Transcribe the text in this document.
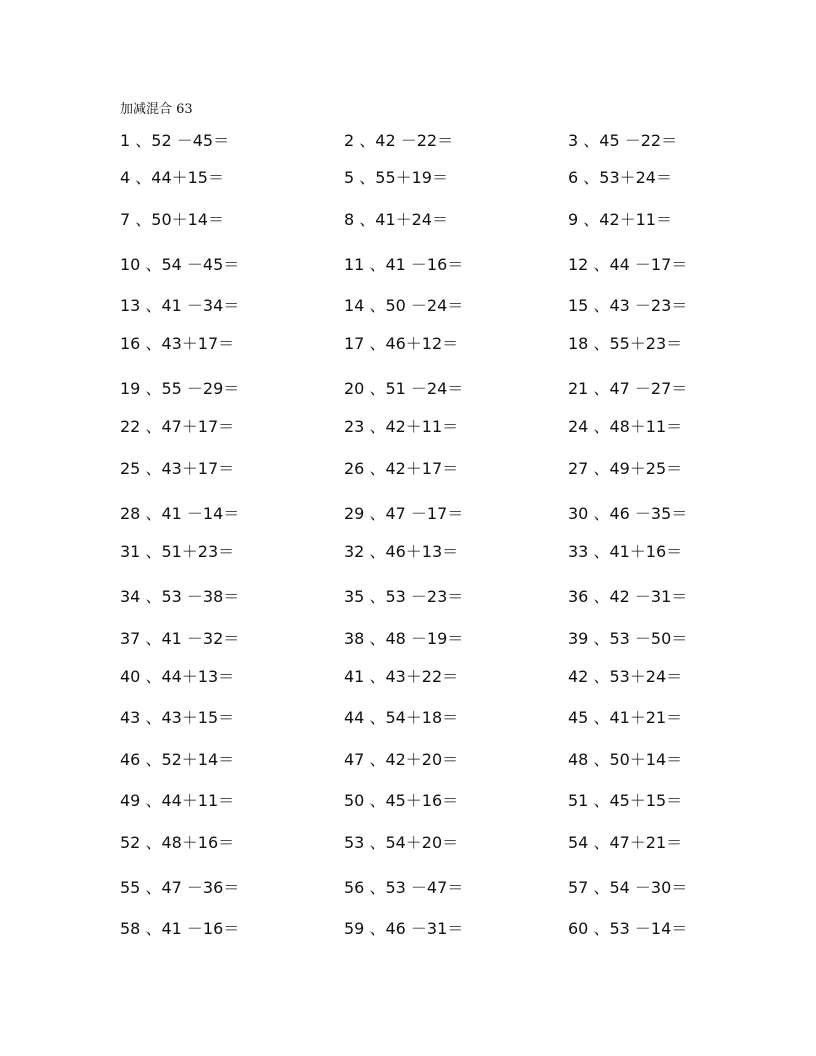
加减混合 63
1 、52 －45＝	2 、42 －22＝	3 、45 －22＝
4 、44＋15＝	5 、55＋19＝	6 、53＋24＝
7 、50＋14＝	8 、41＋24＝	9 、42＋11＝
10 、54 －45＝	11 、41 －16＝	12 、44 －17＝
13 、41 －34＝	14 、50 －24＝	15 、43 －23＝
16 、43＋17＝	17 、46＋12＝	18 、55＋23＝
19 、55 －29＝	20 、51 －24＝	21 、47 －27＝
22 、47＋17＝	23 、42＋11＝	24 、48＋11＝
25 、43＋17＝	26 、42＋17＝	27 、49＋25＝
28 、41 －14＝	29 、47 －17＝	30 、46 －35＝
31 、51＋23＝	32 、46＋13＝	33 、41＋16＝
34 、53 －38＝	35 、53 －23＝	36 、42 －31＝
37 、41 －32＝	38 、48 －19＝	39 、53 －50＝
40 、44＋13＝	41 、43＋22＝	42 、53＋24＝
43 、43＋15＝	44 、54＋18＝	45 、41＋21＝
46 、52＋14＝	47 、42＋20＝	48 、50＋14＝
49 、44＋11＝	50 、45＋16＝	51 、45＋15＝
52 、48＋16＝	53 、54＋20＝	54 、47＋21＝
55 、47 －36＝	56 、53 －47＝	57 、54 －30＝
58 、41 －16＝	59 、46 －31＝	60 、53 －14＝
